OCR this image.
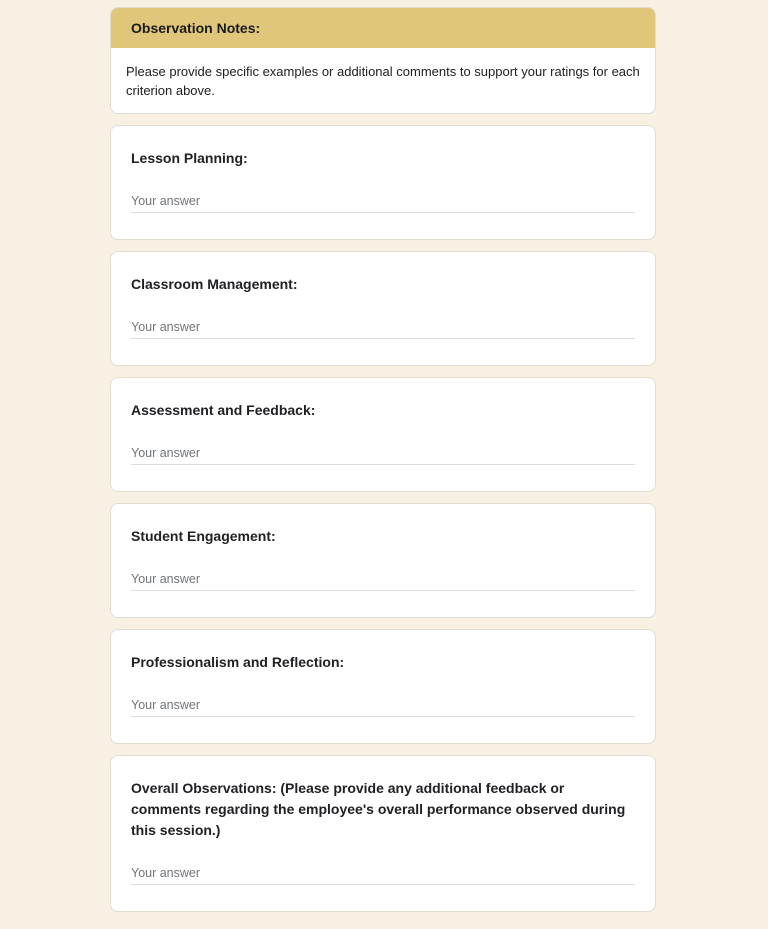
Observation Notes:
Please provide specific examples or additional comments to support your ratings for each criterion above.
Lesson Planning:
Your answer
Classroom Management:
Your answer
Assessment and Feedback:
Your answer
Student Engagement:
Your answer
Professionalism and Reflection:
Your answer
Overall Observations: (Please provide any additional feedback or comments regarding the employee's overall performance observed during this session.)
Your answer
